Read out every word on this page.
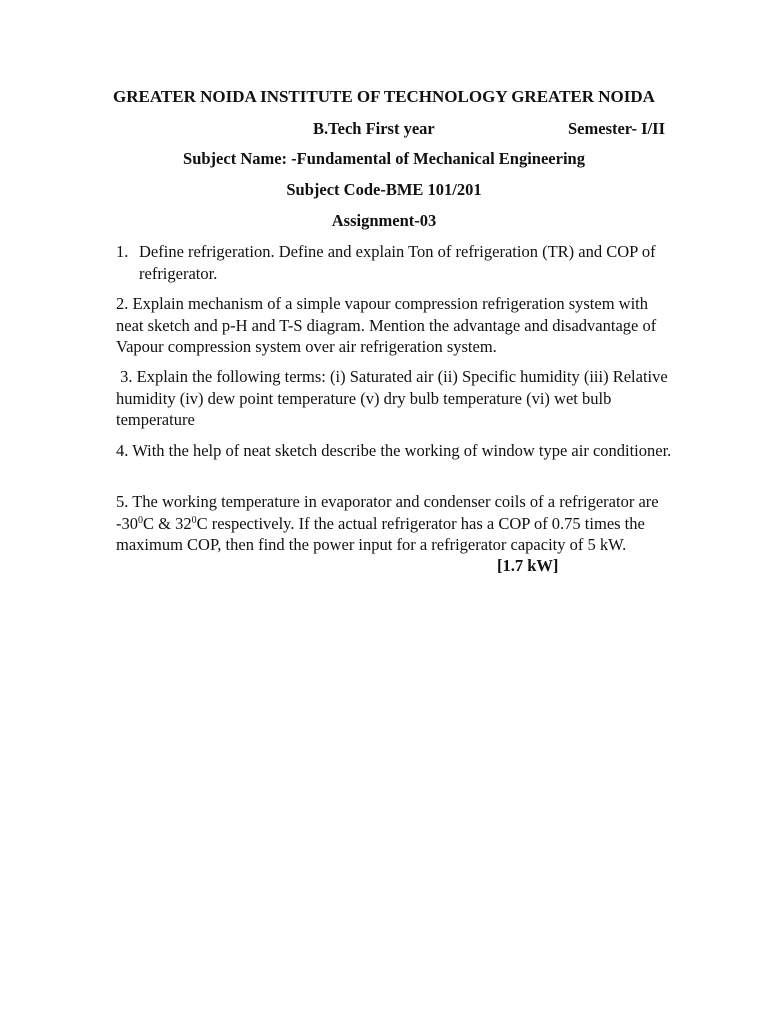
GREATER NOIDA INSTITUTE OF TECHNOLOGY GREATER NOIDA
B.Tech First year	Semester- I/II
Subject Name: -Fundamental of Mechanical Engineering
Subject Code-BME 101/201
Assignment-03
1. Define refrigeration. Define and explain Ton of refrigeration (TR) and COP of refrigerator.
2. Explain mechanism of a simple vapour compression refrigeration system with neat sketch and p-H and T-S diagram. Mention the advantage and disadvantage of Vapour compression system over air refrigeration system.
3. Explain the following terms: (i) Saturated air (ii) Specific humidity (iii) Relative humidity (iv) dew point temperature (v) dry bulb temperature (vi) wet bulb temperature
4. With the help of neat sketch describe the working of window type air conditioner.
5. The working temperature in evaporator and condenser coils of a refrigerator are $-30^0C$ & $32^0C$ respectively. If the actual refrigerator has a COP of 0.75 times the maximum COP, then find the power input for a refrigerator capacity of 5 kW.
[1.7 kW]
